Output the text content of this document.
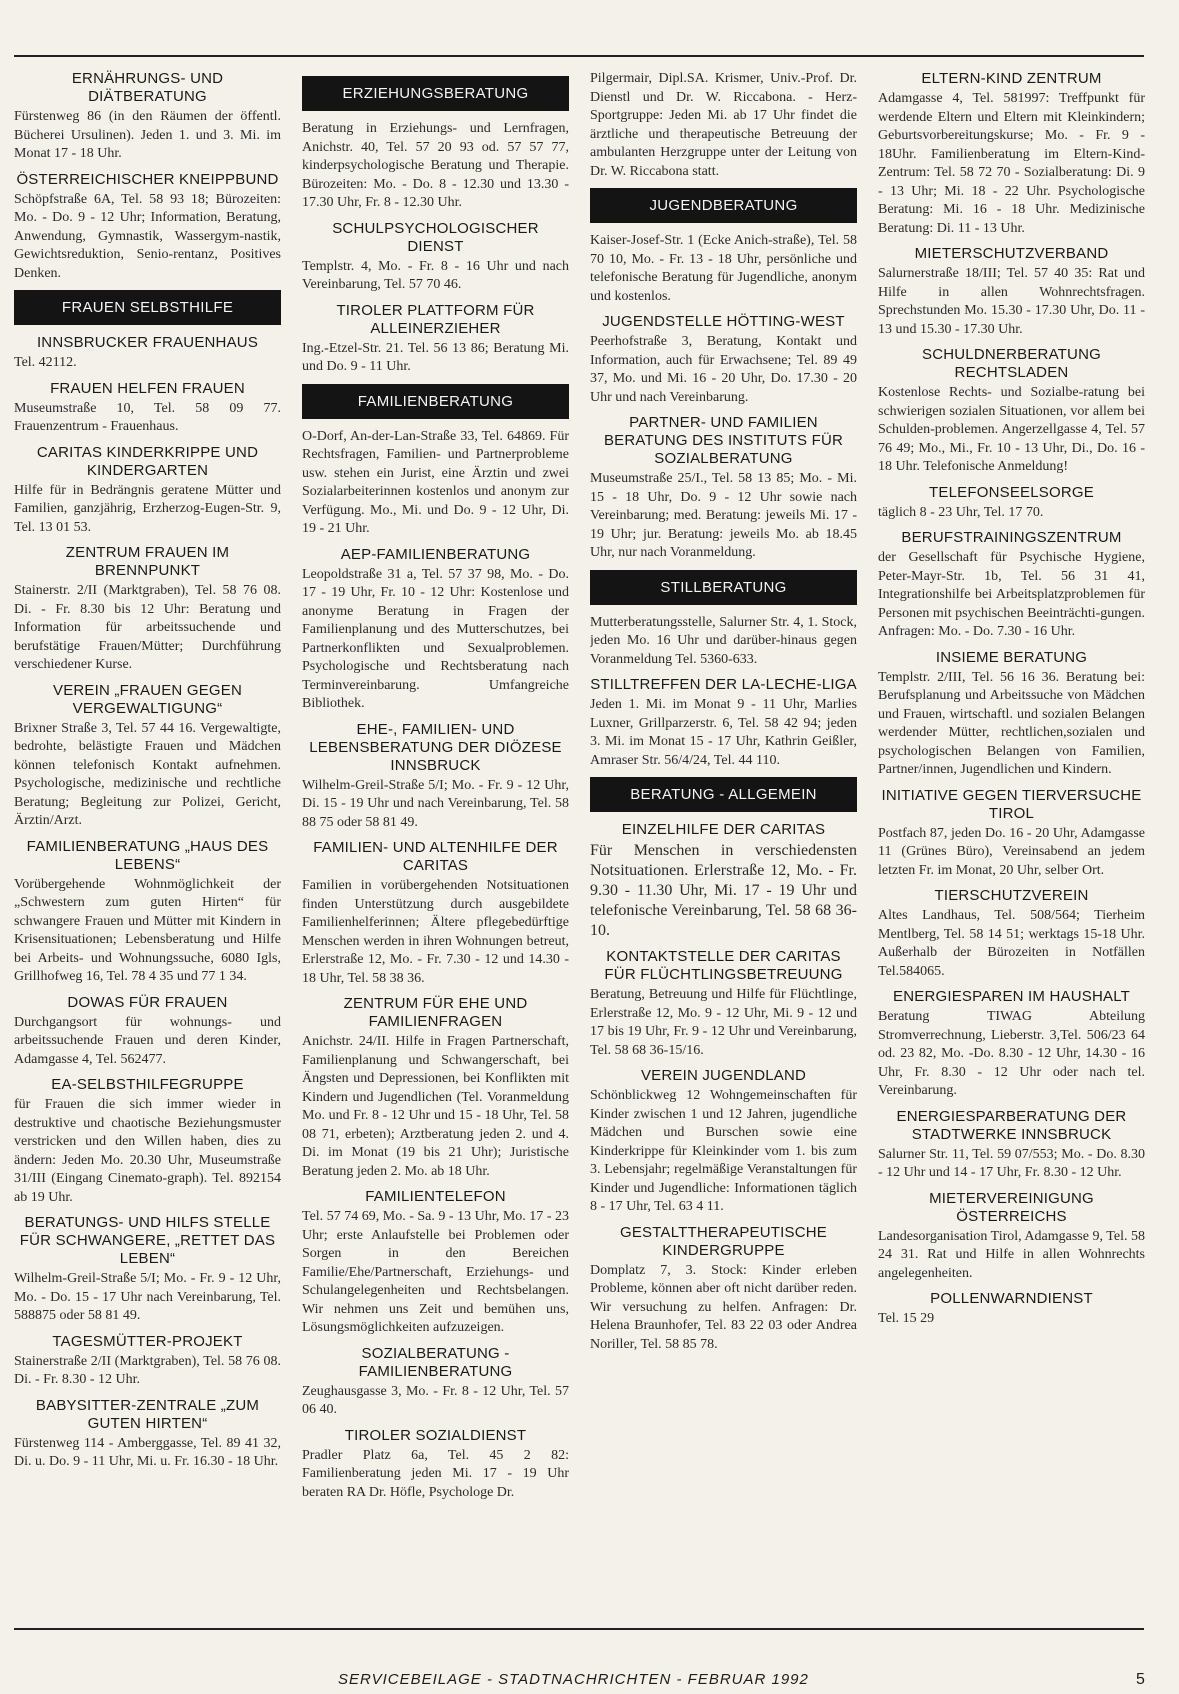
ERNÄHRUNGS- UND DIÄTBERATUNG
Fürstenweg 86 (in den Räumen der öffentl. Bücherei Ursulinen). Jeden 1. und 3. Mi. im Monat 17 - 18 Uhr.
ÖSTERREICHISCHER KNEIPPBUND
Schöpfstraße 6A, Tel. 58 93 18; Bürozeiten: Mo. - Do. 9 - 12 Uhr; Information, Beratung, Anwendung, Gymnastik, Wassergym-nastik, Gewichtsreduktion, Senio-rentanz, Positives Denken.
FRAUEN SELBSTHILFE
INNSBRUCKER FRAUENHAUS
Tel. 42112.
FRAUEN HELFEN FRAUEN
Museumstraße 10, Tel. 58 09 77. Frauenzentrum - Frauenhaus.
CARITAS KINDERKRIPPE UND KINDERGARTEN
Hilfe für in Bedrängnis geratene Mütter und Familien, ganzjährig, Erzherzog-Eugen-Str. 9, Tel. 13 01 53.
ZENTRUM FRAUEN IM BRENNPUNKT
Stainerstr. 2/II (Marktgraben), Tel. 58 76 08. Di. - Fr. 8.30 bis 12 Uhr: Beratung und Information für arbeitssuchende und berufstätige Frauen/Mütter; Durchführung verschiedener Kurse.
VEREIN „FRAUEN GEGEN VERGEWALTIGUNG“
Brixner Straße 3, Tel. 57 44 16. Vergewaltigte, bedrohte, belästigte Frauen und Mädchen können telefonisch Kontakt aufnehmen. Psychologische, medizinische und rechtliche Beratung; Begleitung zur Polizei, Gericht, Ärztin/Arzt.
FAMILIENBERATUNG „HAUS DES LEBENS“
Vorübergehende Wohnmöglichkeit der „Schwestern zum guten Hirten“ für schwangere Frauen und Mütter mit Kindern in Krisensituationen; Lebensberatung und Hilfe bei Arbeits- und Wohnungssuche, 6080 Igls, Grillhofweg 16, Tel. 78 4 35 und 77 1 34.
DOWAS FÜR FRAUEN
Durchgangsort für wohnungs- und arbeitssuchende Frauen und deren Kinder, Adamgasse 4, Tel. 562477.
EA-SELBSTHILFEGRUPPE
für Frauen die sich immer wieder in destruktive und chaotische Beziehungsmuster verstricken und den Willen haben, dies zu ändern: Jeden Mo. 20.30 Uhr, Museumstraße 31/III (Eingang Cinemato-graph). Tel. 892154 ab 19 Uhr.
BERATUNGS- UND HILFS STELLE FÜR SCHWANGERE, „RETTET DAS LEBEN“
Wilhelm-Greil-Straße 5/I; Mo. - Fr. 9 - 12 Uhr, Mo. - Do. 15 - 17 Uhr nach Vereinbarung, Tel. 588875 oder 58 81 49.
TAGESMÜTTER-PROJEKT
Stainerstraße 2/II (Marktgraben), Tel. 58 76 08. Di. - Fr. 8.30 - 12 Uhr.
BABYSITTER-ZENTRALE „ZUM GUTEN HIRTEN“
Fürstenweg 114 - Amberggasse, Tel. 89 41 32, Di. u. Do. 9 - 11 Uhr, Mi. u. Fr. 16.30 - 18 Uhr.
ERZIEHUNGSBERATUNG
Beratung in Erziehungs- und Lernfragen, Anichstr. 40, Tel. 57 20 93 od. 57 57 77, kinderpsychologische Beratung und Therapie. Bürozeiten: Mo. - Do. 8 - 12.30 und 13.30 - 17.30 Uhr, Fr. 8 - 12.30 Uhr.
SCHULPSYCHOLOGISCHER DIENST
Templstr. 4, Mo. - Fr. 8 - 16 Uhr und nach Vereinbarung, Tel. 57 70 46.
TIROLER PLATTFORM FÜR ALLEINERZIEHER
Ing.-Etzel-Str. 21. Tel. 56 13 86; Beratung Mi. und Do. 9 - 11 Uhr.
FAMILIENBERATUNG
O-Dorf, An-der-Lan-Straße 33, Tel. 64869. Für Rechtsfragen, Familien- und Partnerprobleme usw. stehen ein Jurist, eine Ärztin und zwei Sozialarbeiterinnen kostenlos und anonym zur Verfügung. Mo., Mi. und Do. 9 - 12 Uhr, Di. 19 - 21 Uhr.
AEP-FAMILIENBERATUNG
Leopoldstraße 31 a, Tel. 57 37 98, Mo. - Do. 17 - 19 Uhr, Fr. 10 - 12 Uhr: Kostenlose und anonyme Beratung in Fragen der Familienplanung und des Mutterschutzes, bei Partnerkonflikten und Sexualproblemen. Psychologische und Rechtsberatung nach Terminvereinbarung. Umfangreiche Bibliothek.
EHE-, FAMILIEN- UND LEBENSBERATUNG DER DIÖZESE INNSBRUCK
Wilhelm-Greil-Straße 5/I; Mo. - Fr. 9 - 12 Uhr, Di. 15 - 19 Uhr und nach Vereinbarung, Tel. 58 88 75 oder 58 81 49.
FAMILIEN- UND ALTENHILFE DER CARITAS
Familien in vorübergehenden Notsituationen finden Unterstützung durch ausgebildete Familienhelferinnen; Ältere pflegebedürftige Menschen werden in ihren Wohnungen betreut, Erlerstraße 12, Mo. - Fr. 7.30 - 12 und 14.30 - 18 Uhr, Tel. 58 38 36.
ZENTRUM FÜR EHE UND FAMILIENFRAGEN
Anichstr. 24/II. Hilfe in Fragen Partnerschaft, Familienplanung und Schwangerschaft, bei Ängsten und Depressionen, bei Konflikten mit Kindern und Jugendlichen (Tel. Voranmeldung Mo. und Fr. 8 - 12 Uhr und 15 - 18 Uhr, Tel. 58 08 71, erbeten); Arztberatung jeden 2. und 4. Di. im Monat (19 bis 21 Uhr); Juristische Beratung jeden 2. Mo. ab 18 Uhr.
FAMILIENTELEFON
Tel. 57 74 69, Mo. - Sa. 9 - 13 Uhr, Mo. 17 - 23 Uhr; erste Anlaufstelle bei Problemen oder Sorgen in den Bereichen Familie/Ehe/Partnerschaft, Erziehungs- und Schulangelegenheiten und Rechtsbelangen. Wir nehmen uns Zeit und bemühen uns, Lösungsmöglichkeiten aufzuzeigen.
SOZIALBERATUNG - FAMILIENBERATUNG
Zeughausgasse 3, Mo. - Fr. 8 - 12 Uhr, Tel. 57 06 40.
TIROLER SOZIALDIENST
Pradler Platz 6a, Tel. 45 2 82: Familienberatung jeden Mi. 17 - 19 Uhr beraten RA Dr. Höfle, Psychologe Dr.
Pilgermair, Dipl.SA. Krismer, Univ.-Prof. Dr. Dienstl und Dr. W. Riccabona. - Herz-Sportgruppe: Jeden Mi. ab 17 Uhr findet die ärztliche und therapeutische Betreuung der ambulanten Herzgruppe unter der Leitung von Dr. W. Riccabona statt.
JUGENDBERATUNG
Kaiser-Josef-Str. 1 (Ecke Anich-straße), Tel. 58 70 10, Mo. - Fr. 13 - 18 Uhr, persönliche und telefonische Beratung für Jugendliche, anonym und kostenlos.
JUGENDSTELLE HÖTTING-WEST
Peerhofstraße 3, Beratung, Kontakt und Information, auch für Erwachsene; Tel. 89 49 37, Mo. und Mi. 16 - 20 Uhr, Do. 17.30 - 20 Uhr und nach Vereinbarung.
PARTNER- UND FAMILIEN BERATUNG DES INSTITUTS FÜR SOZIALBERATUNG
Museumstraße 25/I., Tel. 58 13 85; Mo. - Mi. 15 - 18 Uhr, Do. 9 - 12 Uhr sowie nach Vereinbarung; med. Beratung: jeweils Mi. 17 - 19 Uhr; jur. Beratung: jeweils Mo. ab 18.45 Uhr, nur nach Voranmeldung.
STILLBERATUNG
Mutterberatungsstelle, Salurner Str. 4, 1. Stock, jeden Mo. 16 Uhr und darüber-hinaus gegen Voranmeldung Tel. 5360-633.
STILLTREFFEN DER LA-LECHE-LIGA
Jeden 1. Mi. im Monat 9 - 11 Uhr, Marlies Luxner, Grillparzerstr. 6, Tel. 58 42 94; jeden 3. Mi. im Monat 15 - 17 Uhr, Kathrin Geißler, Amraser Str. 56/4/24, Tel. 44 110.
BERATUNG - ALLGEMEIN
EINZELHILFE DER CARITAS
Für Menschen in verschiedensten Notsituationen. Erlerstraße 12, Mo. - Fr. 9.30 - 11.30 Uhr, Mi. 17 - 19 Uhr und telefonische Vereinbarung, Tel. 58 68 36-10.
KONTAKTSTELLE DER CARITAS FÜR FLÜCHTLINGSBETREUUNG
Beratung, Betreuung und Hilfe für Flüchtlinge, Erlerstraße 12, Mo. 9 - 12 Uhr, Mi. 9 - 12 und 17 bis 19 Uhr, Fr. 9 - 12 Uhr und Vereinbarung, Tel. 58 68 36-15/16.
VEREIN JUGENDLAND
Schönblickweg 12 Wohngemeinschaften für Kinder zwischen 1 und 12 Jahren, jugendliche Mädchen und Burschen sowie eine Kinderkrippe für Kleinkinder vom 1. bis zum 3. Lebensjahr; regelmäßige Veranstaltungen für Kinder und Jugendliche: Informationen täglich 8 - 17 Uhr, Tel. 63 4 11.
GESTALTTHERAPEUTISCHE KINDERGRUPPE
Domplatz 7, 3. Stock: Kinder erleben Probleme, können aber oft nicht darüber reden. Wir versuchung zu helfen. Anfragen: Dr. Helena Braunhofer, Tel. 83 22 03 oder Andrea Noriller, Tel. 58 85 78.
ELTERN-KIND ZENTRUM
Adamgasse 4, Tel. 581997: Treffpunkt für werdende Eltern und Eltern mit Kleinkindern; Geburtsvorbereitungskurse; Mo. - Fr. 9 - 18Uhr. Familienberatung im Eltern-Kind-Zentrum: Tel. 58 72 70 - Sozialberatung: Di. 9 - 13 Uhr; Mi. 18 - 22 Uhr. Psychologische Beratung: Mi. 16 - 18 Uhr. Medizinische Beratung: Di. 11 - 13 Uhr.
MIETERSCHUTZVERBAND
Salurnerstraße 18/III; Tel. 57 40 35: Rat und Hilfe in allen Wohnrechtsfragen. Sprechstunden Mo. 15.30 - 17.30 Uhr, Do. 11 - 13 und 15.30 - 17.30 Uhr.
SCHULDNERBERATUNG RECHTSLADEN
Kostenlose Rechts- und Sozialbe-ratung bei schwierigen sozialen Situationen, vor allem bei Schulden-problemen. Angerzellgasse 4, Tel. 57 76 49; Mo., Mi., Fr. 10 - 13 Uhr, Di., Do. 16 - 18 Uhr. Telefonische Anmeldung!
TELEFONSEELSORGE
täglich 8 - 23 Uhr, Tel. 17 70.
BERUFSTRAININGSZENTRUM
der Gesellschaft für Psychische Hygiene, Peter-Mayr-Str. 1b, Tel. 56 31 41, Integrationshilfe bei Arbeitsplatzproblemen für Personen mit psychischen Beeinträchti-gungen. Anfragen: Mo. - Do. 7.30 - 16 Uhr.
INSIEME BERATUNG
Templstr. 2/III, Tel. 56 16 36. Beratung bei: Berufsplanung und Arbeitssuche von Mädchen und Frauen, wirtschaftl. und sozialen Belangen werdender Mütter, rechtlichen,sozialen und psychologischen Belangen von Familien, Partner/innen, Jugendlichen und Kindern.
INITIATIVE GEGEN TIERVERSUCHE TIROL
Postfach 87, jeden Do. 16 - 20 Uhr, Adamgasse 11 (Grünes Büro), Vereinsabend an jedem letzten Fr. im Monat, 20 Uhr, selber Ort.
TIERSCHUTZVEREIN
Altes Landhaus, Tel. 508/564; Tierheim Mentlberg, Tel. 58 14 51; werktags 15-18 Uhr. Außerhalb der Bürozeiten in Notfällen Tel.584065.
ENERGIESPAREN IM HAUSHALT
Beratung TIWAG Abteilung Stromverrechnung, Lieberstr. 3,Tel. 506/23 64 od. 23 82, Mo. -Do. 8.30 - 12 Uhr, 14.30 - 16 Uhr, Fr. 8.30 - 12 Uhr oder nach tel. Vereinbarung.
ENERGIESPARBERATUNG DER STADTWERKE INNSBRUCK
Salurner Str. 11, Tel. 59 07/553; Mo. - Do. 8.30 - 12 Uhr und 14 - 17 Uhr, Fr. 8.30 - 12 Uhr.
MIETERVEREINIGUNG ÖSTERREICHS
Landesorganisation Tirol, Adamgasse 9, Tel. 58 24 31. Rat und Hilfe in allen Wohnrechts angelegenheiten.
POLLENWARNDIENST
Tel. 15 29
SERVICEBEILAGE - STADTNACHRICHTEN - FEBRUAR 1992	5
